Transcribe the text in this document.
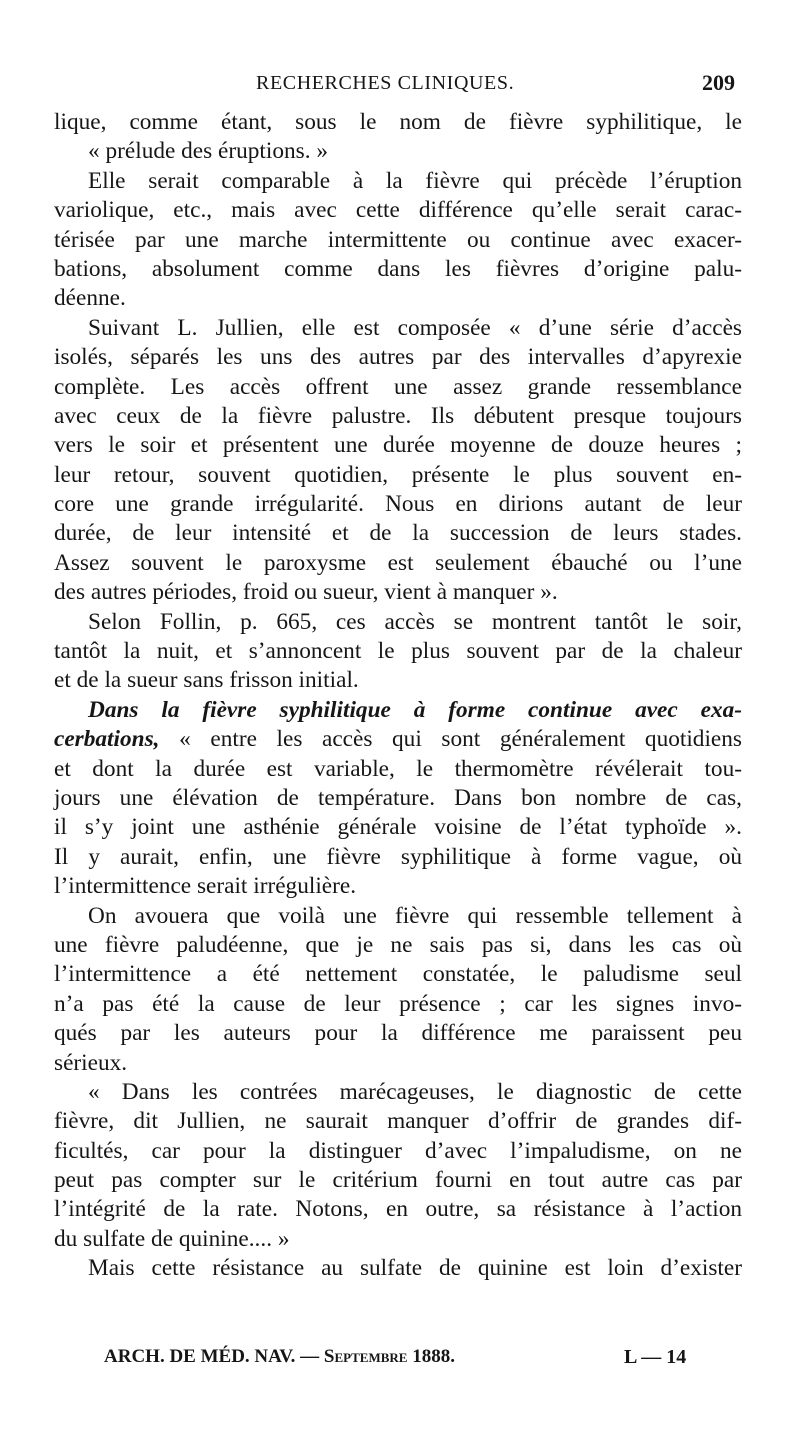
RECHERCHES CLINIQUES.	209
lique, comme étant, sous le nom de fièvre syphilitique, le
« prélude des éruptions. »
Elle serait comparable à la fièvre qui précède l’éruption
variolique, etc., mais avec cette différence qu’elle serait carac-
térisée par une marche intermittente ou continue avec exacer-
bations, absolument comme dans les fièvres d’origine palu-
déenne.
Suivant L. Jullien, elle est composée « d’une série d’accès
isolés, séparés les uns des autres par des intervalles d’apyrexie
complète. Les accès offrent une assez grande ressemblance
avec ceux de la fièvre palustre. Ils débutent presque toujours
vers le soir et présentent une durée moyenne de douze heures ;
leur retour, souvent quotidien, présente le plus souvent en-
core une grande irrégularité. Nous en dirions autant de leur
durée, de leur intensité et de la succession de leurs stades.
Assez souvent le paroxysme est seulement ébauché ou l’une
des autres périodes, froid ou sueur, vient à manquer ».
Selon Follin, p. 665, ces accès se montrent tantôt le soir,
tantôt la nuit, et s’annoncent le plus souvent par de la chaleur
et de la sueur sans frisson initial.
Dans la fièvre syphilitique à forme continue avec exa-
cerbations, « entre les accès qui sont généralement quotidiens
et dont la durée est variable, le thermomètre révélerait tou-
jours une élévation de température. Dans bon nombre de cas,
il s’y joint une asthénie générale voisine de l’état typhoïde ».
Il y aurait, enfin, une fièvre syphilitique à forme vague, où
l’intermittence serait irrégulière.
On avouera que voilà une fièvre qui ressemble tellement à
une fièvre paludéenne, que je ne sais pas si, dans les cas où
l’intermittence a été nettement constatée, le paludisme seul
n’a pas été la cause de leur présence ; car les signes invo-
qués par les auteurs pour la différence me paraissent peu
sérieux.
« Dans les contrées marécageuses, le diagnostic de cette
fièvre, dit Jullien, ne saurait manquer d’offrir de grandes dif-
ficultés, car pour la distinguer d’avec l’impaludisme, on ne
peut pas compter sur le critérium fourni en tout autre cas par
l’intégrité de la rate. Notons, en outre, sa résistance à l’action
du sulfate de quinine.... »
Mais cette résistance au sulfate de quinine est loin d’exister
ARCH. DE MÉD. NAV. — Septembre 1888.	L — 14
